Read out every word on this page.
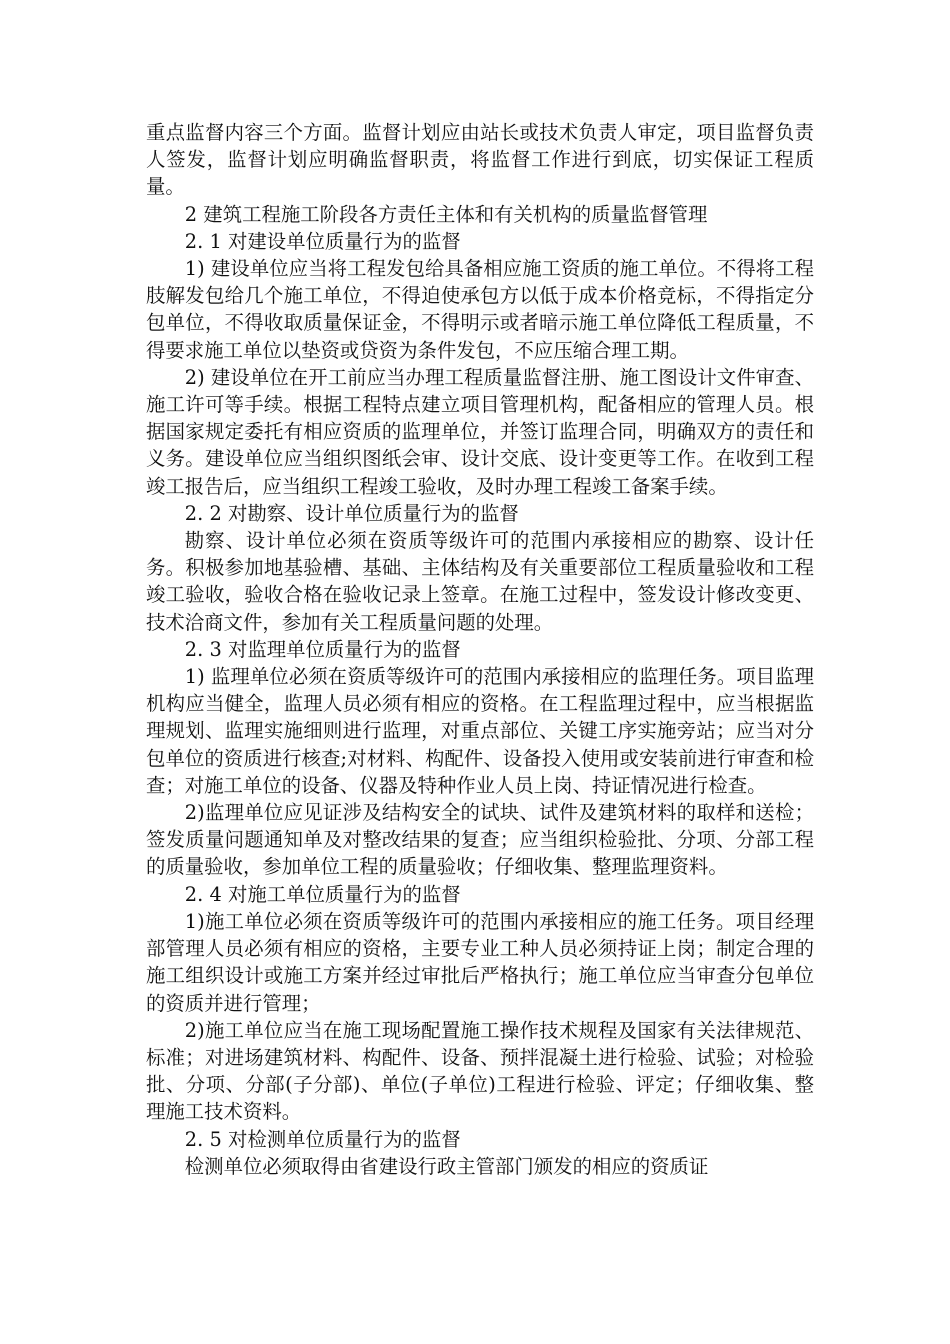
重点监督内容三个方面。监督计划应由站长或技术负责人审定，项目监督负责人签发，监督计划应明确监督职责，将监督工作进行到底，切实保证工程质量。

2 建筑工程施工阶段各方责任主体和有关机构的质量监督管理

2. 1 对建设单位质量行为的监督

1) 建设单位应当将工程发包给具备相应施工资质的施工单位。不得将工程肢解发包给几个施工单位，不得迫使承包方以低于成本价格竞标，不得指定分包单位，不得收取质量保证金，不得明示或者暗示施工单位降低工程质量，不得要求施工单位以垫资或贷资为条件发包，不应压缩合理工期。

2) 建设单位在开工前应当办理工程质量监督注册、施工图设计文件审查、施工许可等手续。根据工程特点建立项目管理机构，配备相应的管理人员。根据国家规定委托有相应资质的监理单位，并签订监理合同，明确双方的责任和义务。建设单位应当组织图纸会审、设计交底、设计变更等工作。在收到工程竣工报告后，应当组织工程竣工验收，及时办理工程竣工备案手续。

2. 2 对勘察、设计单位质量行为的监督

勘察、设计单位必须在资质等级许可的范围内承接相应的勘察、设计任务。积极参加地基验槽、基础、主体结构及有关重要部位工程质量验收和工程竣工验收，验收合格在验收记录上签章。在施工过程中，签发设计修改变更、技术洽商文件，参加有关工程质量问题的处理。

2. 3 对监理单位质量行为的监督

1) 监理单位必须在资质等级许可的范围内承接相应的监理任务。项目监理机构应当健全，监理人员必须有相应的资格。在工程监理过程中，应当根据监理规划、监理实施细则进行监理，对重点部位、关键工序实施旁站；应当对分包单位的资质进行核查;对材料、构配件、设备投入使用或安装前进行审查和检查；对施工单位的设备、仪器及特种作业人员上岗、持证情况进行检查。

2)监理单位应见证涉及结构安全的试块、试件及建筑材料的取样和送检；签发质量问题通知单及对整改结果的复查；应当组织检验批、分项、分部工程的质量验收，参加单位工程的质量验收；仔细收集、整理监理资料。

2. 4 对施工单位质量行为的监督

1)施工单位必须在资质等级许可的范围内承接相应的施工任务。项目经理部管理人员必须有相应的资格，主要专业工种人员必须持证上岗；制定合理的施工组织设计或施工方案并经过审批后严格执行；施工单位应当审查分包单位的资质并进行管理；

2)施工单位应当在施工现场配置施工操作技术规程及国家有关法律规范、标准；对进场建筑材料、构配件、设备、预拌混凝土进行检验、试验；对检验批、分项、分部(子分部)、单位(子单位)工程进行检验、评定；仔细收集、整理施工技术资料。

2. 5 对检测单位质量行为的监督

检测单位必须取得由省建设行政主管部门颁发的相应的资质证
